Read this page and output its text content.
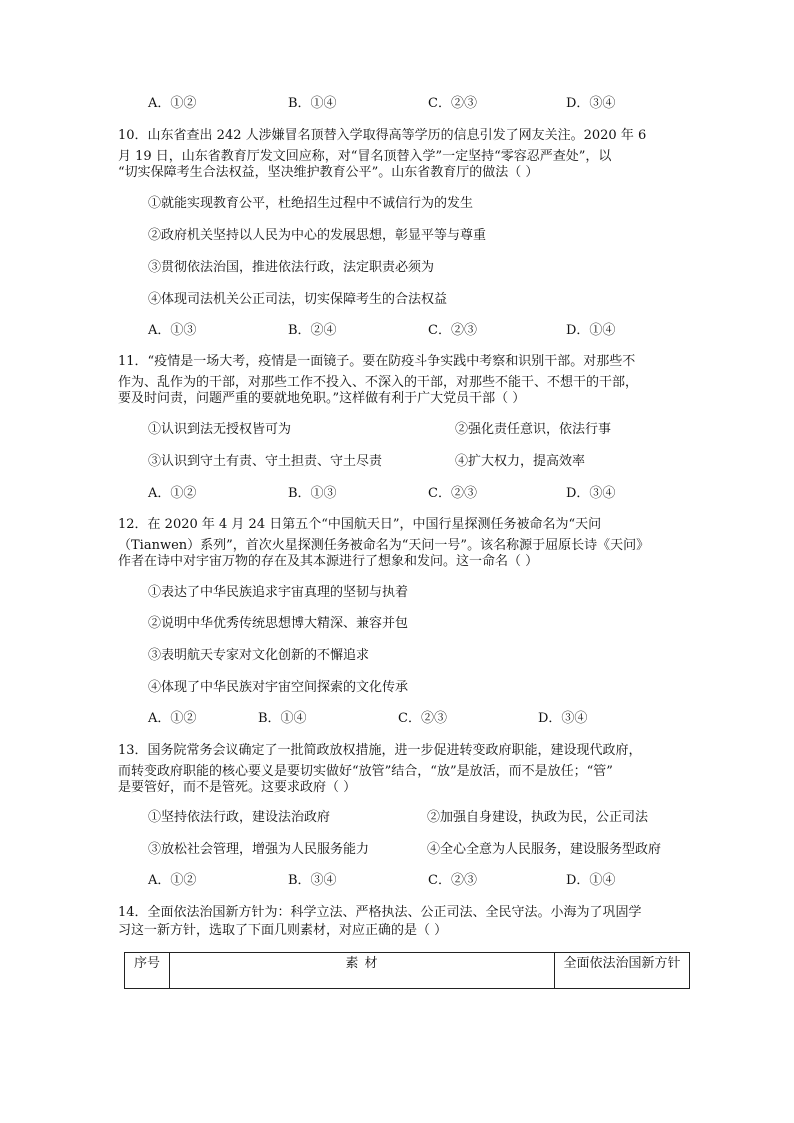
A．①②	B．①④	C．②③	D．③④
10．山东省查出 242 人涉嫌冒名顶替入学取得高等学历的信息引发了网友关注。2020 年 6
月 19 日，山东省教育厅发文回应称，对“冒名顶替入学”一定坚持“零容忍严查处”，以
“切实保障考生合法权益，坚决维护教育公平”。山东省教育厅的做法（ ）
①就能实现教育公平，杜绝招生过程中不诚信行为的发生
②政府机关坚持以人民为中心的发展思想，彰显平等与尊重
③贯彻依法治国，推进依法行政，法定职责必须为
④体现司法机关公正司法，切实保障考生的合法权益
A．①③	B．②④	C．②③	D．①④
11．“疫情是一场大考，疫情是一面镜子。要在防疫斗争实践中考察和识别干部。对那些不
作为、乱作为的干部，对那些工作不投入、不深入的干部，对那些不能干、不想干的干部，
要及时问责，问题严重的要就地免职。”这样做有利于广大党员干部（ ）
①认识到法无授权皆可为	②强化责任意识，依法行事
③认识到守土有责、守土担责、守土尽责	④扩大权力，提高效率
A．①②	B．①③	C．②③	D．③④
12．在 2020 年 4 月 24 日第五个“中国航天日”，中国行星探测任务被命名为“天问
（Tianwen）系列”，首次火星探测任务被命名为“天问一号”。该名称源于屈原长诗《天问》
作者在诗中对宇宙万物的存在及其本源进行了想象和发问。这一命名（ ）
①表达了中华民族追求宇宙真理的坚韧与执着
②说明中华优秀传统思想博大精深、兼容并包
③表明航天专家对文化创新的不懈追求
④体现了中华民族对宇宙空间探索的文化传承
A．①②	B．①④	C．②③	D．③④
13．国务院常务会议确定了一批简政放权措施，进一步促进转变政府职能，建设现代政府，
而转变政府职能的核心要义是要切实做好“放管”结合，“放”是放活，而不是放任；“管”
是要管好，而不是管死。这要求政府（ ）
①坚持依法行政，建设法治政府	②加强自身建设，执政为民，公正司法
③放松社会管理，增强为人民服务能力	④全心全意为人民服务，建设服务型政府
A．①②	B．③④	C．②③	D．①④
14．全面依法治国新方针为：科学立法、严格执法、公正司法、全民守法。小海为了巩固学
习这一新方针，选取了下面几则素材，对应正确的是（ ）
序号	素 材	全面依法治国新方针
